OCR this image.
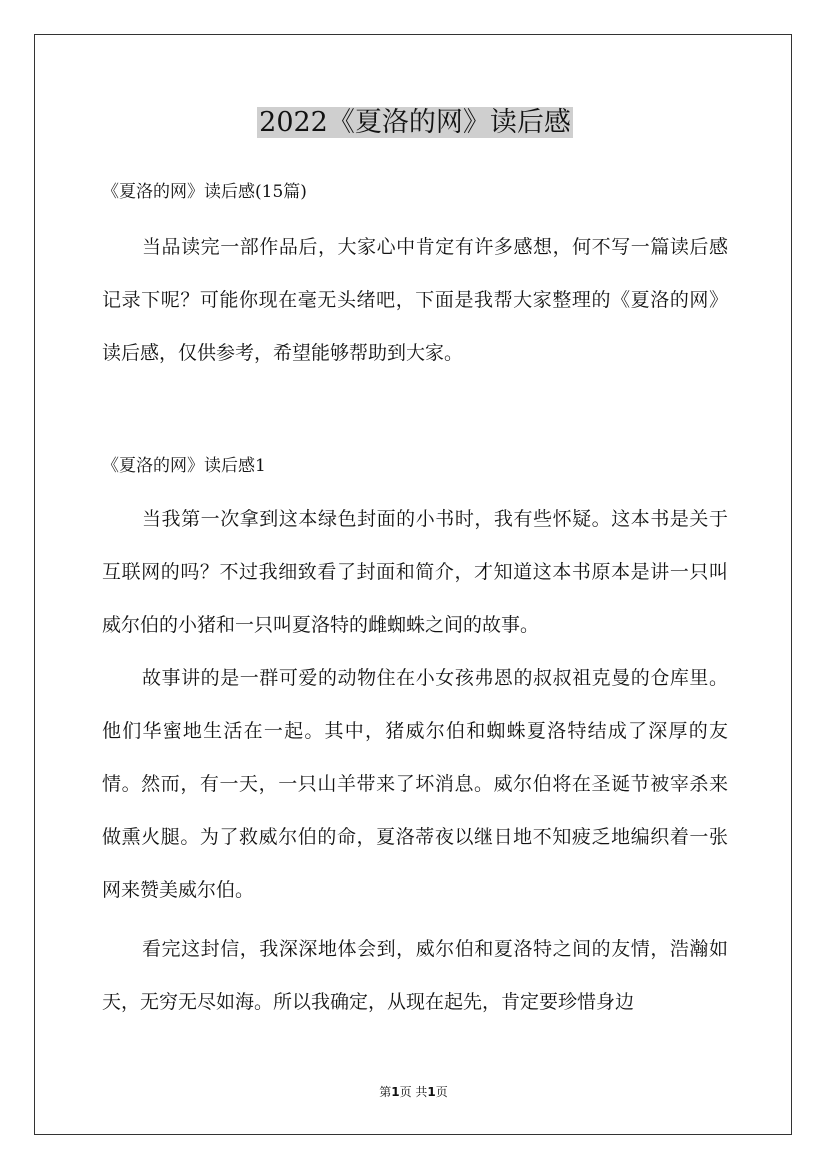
2022《夏洛的网》读后感
《夏洛的网》读后感(15篇)

当品读完一部作品后，大家心中肯定有许多感想，何不写一篇读后感记录下呢？可能你现在毫无头绪吧，下面是我帮大家整理的《夏洛的网》读后感，仅供参考，希望能够帮助到大家。

《夏洛的网》读后感1

当我第一次拿到这本绿色封面的小书时，我有些怀疑。这本书是关于互联网的吗？不过我细致看了封面和简介，才知道这本书原本是讲一只叫威尔伯的小猪和一只叫夏洛特的雌蜘蛛之间的故事。

故事讲的是一群可爱的动物住在小女孩弗恩的叔叔祖克曼的仓库里。他们华蜜地生活在一起。其中，猪威尔伯和蜘蛛夏洛特结成了深厚的友情。然而，有一天，一只山羊带来了坏消息。威尔伯将在圣诞节被宰杀来做熏火腿。为了救威尔伯的命，夏洛蒂夜以继日地不知疲乏地编织着一张网来赞美威尔伯。

看完这封信，我深深地体会到，威尔伯和夏洛特之间的友情，浩瀚如天，无穷无尽如海。所以我确定，从现在起先，肯定要珍惜身边

第1页 共1页
